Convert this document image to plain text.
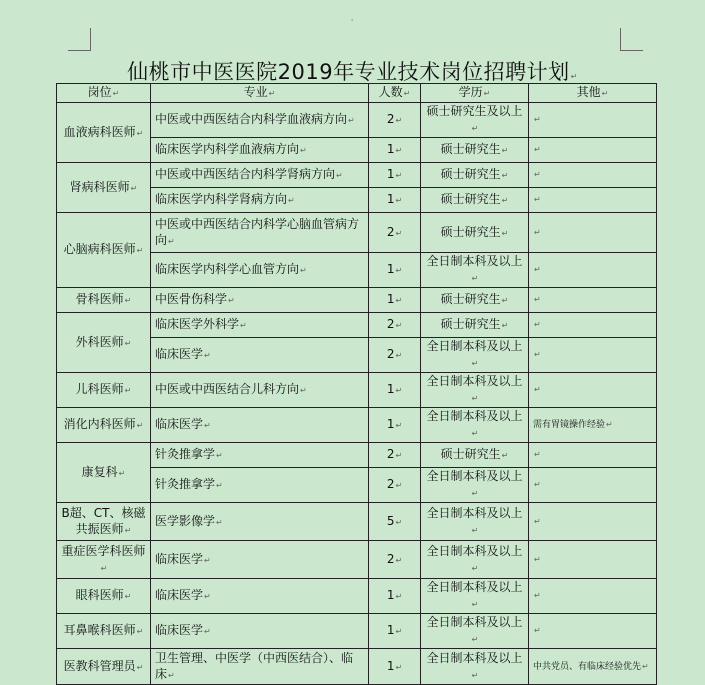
'
仙桃市中医医院2019年专业技术岗位招聘计划↵
岗位↵	专业↵	人数↵	学历↵	其他↵
血液病科医师↵	中医或中西医结合内科学血液病方向↵	2↵	硕士研究生及以上↵	↵
	临床医学内科学血液病方向↵	1↵	硕士研究生↵	↵
肾病科医师↵	中医或中西医结合内科学肾病方向↵	1↵	硕士研究生↵	↵
	临床医学内科学肾病方向↵	1↵	硕士研究生↵	↵
心脑病科医师↵	中医或中西医结合内科学心脑血管病方向↵	2↵	硕士研究生↵	↵
	临床医学内科学心血管方向↵	1↵	全日制本科及以上↵	↵
骨科医师↵	中医骨伤科学↵	1↵	硕士研究生↵	↵
外科医师↵	临床医学外科学↵	2↵	硕士研究生↵	↵
	临床医学↵	2↵	全日制本科及以上↵	↵
儿科医师↵	中医或中西医结合儿科方向↵	1↵	全日制本科及以上↵	↵
消化内科医师↵	临床医学↵	1↵	全日制本科及以上↵	需有胃镜操作经验↵
康复科↵	针灸推拿学↵	2↵	硕士研究生↵	↵
	针灸推拿学↵	2↵	全日制本科及以上↵	↵
B超、CT、核磁共振医师↵	医学影像学↵	5↵	全日制本科及以上↵	↵
重症医学科医师↵	临床医学↵	2↵	全日制本科及以上↵	↵
眼科医师↵	临床医学↵	1↵	全日制本科及以上↵	↵
耳鼻喉科医师↵	临床医学↵	1↵	全日制本科及以上↵	↵
医教科管理员↵	卫生管理、中医学（中西医结合）、临床↵	1↵	全日制本科及以上↵	中共党员、有临床经验优先↵
